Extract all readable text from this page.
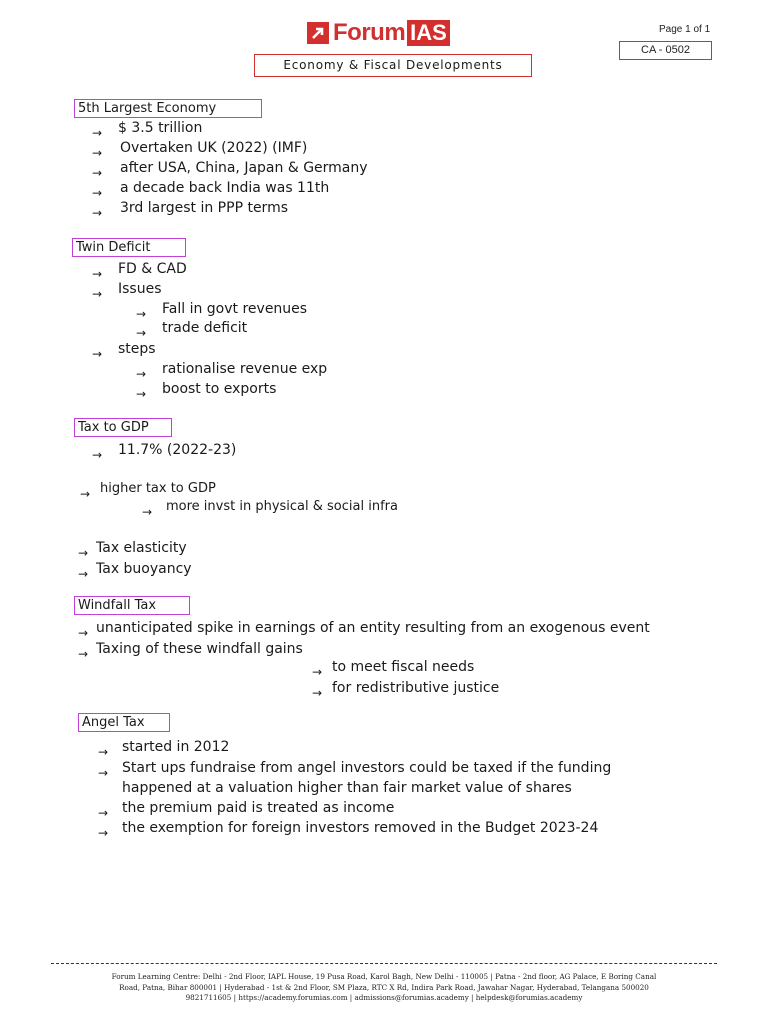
Forum IAS	Page 1 of 1
CA - 0502
Economy & Fiscal Developments
5th Largest Economy
→ $ 3.5 trillion
→ Overtaken UK (2022) (IMF)
→ after USA, China, Japan & Germany
→ a decade back India was 11th
→ 3rd largest in PPP terms
Twin Deficit
→ FD & CAD
→ Issues
→ Fall in govt revenues
→ trade deficit
→ steps
→ rationalise revenue exp
→ boost to exports
Tax to GDP
→ 11.7% (2022-23)
→ higher tax to GDP
→ more invst in physical & social infra
→ Tax elasticity
→ Tax buoyancy
Windfall Tax
→ unanticipated spike in earnings of an entity resulting from an exogenous event
→ Taxing of these windfall gains
→ to meet fiscal needs
→ for redistributive justice
Angel Tax
→ started in 2012
→ Start ups fundraise from angel investors could be taxed if the funding
happened at a valuation higher than fair market value of shares
→ the premium paid is treated as income
→ the exemption for foreign investors removed in the Budget 2023-24
Forum Learning Centre: Delhi - 2nd Floor, IAPL House, 19 Pusa Road, Karol Bagh, New Delhi - 110005 | Patna - 2nd floor, AG Palace, E Boring Canal
Road, Patna, Bihar 800001 | Hyderabad - 1st & 2nd Floor, SM Plaza, RTC X Rd, Indira Park Road, Jawahar Nagar, Hyderabad, Telangana 500020
9821711605 | https://academy.forumias.com | admissions@forumias.academy | helpdesk@forumias.academy
